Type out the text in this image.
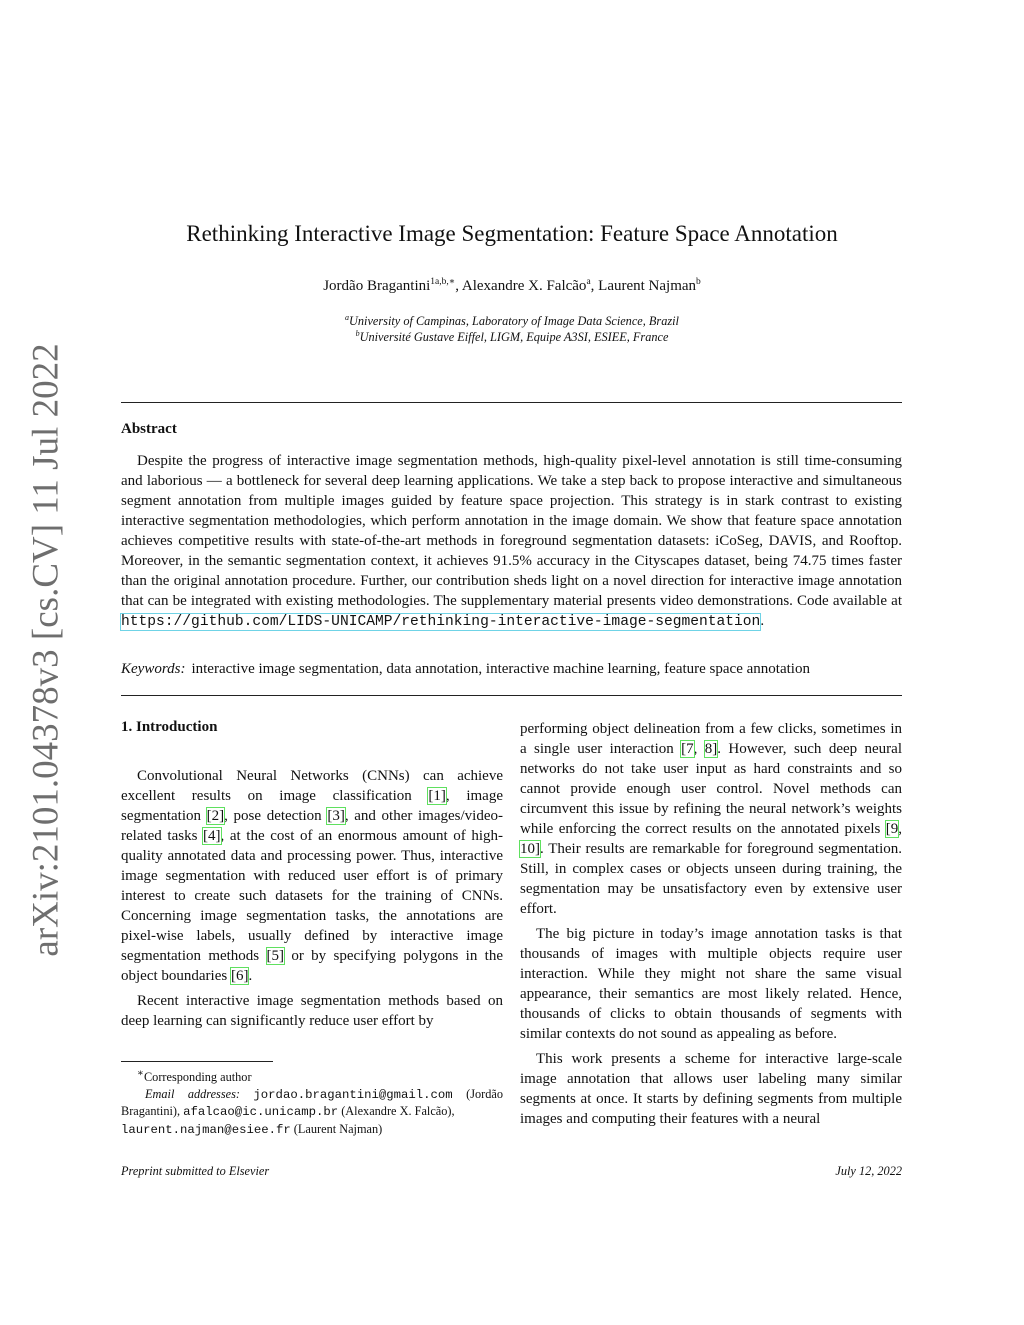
arXiv:2101.04378v3 [cs.CV] 11 Jul 2022
Rethinking Interactive Image Segmentation: Feature Space Annotation
Jordão Bragantini$^{1a,b,∗}$, Alexandre X. Falcão$^a$, Laurent Najman$^b$
$^a$University of Campinas, Laboratory of Image Data Science, Brazil
$^b$Université Gustave Eiffel, LIGM, Equipe A3SI, ESIEE, France
Abstract
Despite the progress of interactive image segmentation methods, high-quality pixel-level annotation is still time-consuming and laborious — a bottleneck for several deep learning applications. We take a step back to propose interactive and simultaneous segment annotation from multiple images guided by feature space projection. This strategy is in stark contrast to existing interactive segmentation methodologies, which perform annotation in the image domain. We show that feature space annotation achieves competitive results with state-of-the-art methods in foreground segmentation datasets: iCoSeg, DAVIS, and Rooftop. Moreover, in the semantic segmentation context, it achieves 91.5% accuracy in the Cityscapes dataset, being 74.75 times faster than the original annotation procedure. Further, our contribution sheds light on a novel direction for interactive image annotation that can be integrated with existing methodologies. The supplementary material presents video demonstrations. Code available at https://github.com/LIDS-UNICAMP/rethinking-interactive-image-segmentation.
Keywords: interactive image segmentation, data annotation, interactive machine learning, feature space annotation
1. Introduction

Convolutional Neural Networks (CNNs) can achieve excellent results on image classification [1], image segmentation [2], pose detection [3], and other images/video-related tasks [4], at the cost of an enormous amount of high-quality annotated data and processing power. Thus, interactive image segmentation with reduced user effort is of primary interest to create such datasets for the training of CNNs. Concerning image segmentation tasks, the annotations are pixel-wise labels, usually defined by interactive image segmentation methods [5] or by specifying polygons in the object boundaries [6].

Recent interactive image segmentation methods based on deep learning can significantly reduce user effort by

performing object delineation from a few clicks, sometimes in a single user interaction [7, 8]. However, such deep neural networks do not take user input as hard constraints and so cannot provide enough user control. Novel methods can circumvent this issue by refining the neural network’s weights while enforcing the correct results on the annotated pixels [9, 10]. Their results are remarkable for foreground segmentation. Still, in complex cases or objects unseen during training, the segmentation may be unsatisfactory even by extensive user effort.

The big picture in today’s image annotation tasks is that thousands of images with multiple objects require user interaction. While they might not share the same visual appearance, their semantics are most likely related. Hence, thousands of clicks to obtain thousands of segments with similar contexts do not sound as appealing as before.

This work presents a scheme for interactive large-scale image annotation that allows user labeling many similar segments at once. It starts by defining segments from multiple images and computing their features with a neural

∗Corresponding author
Email addresses: jordao.bragantini@gmail.com (Jordão Bragantini), afalcao@ic.unicamp.br (Alexandre X. Falcão),
laurent.najman@esiee.fr (Laurent Najman)
Preprint submitted to Elsevier	July 12, 2022
